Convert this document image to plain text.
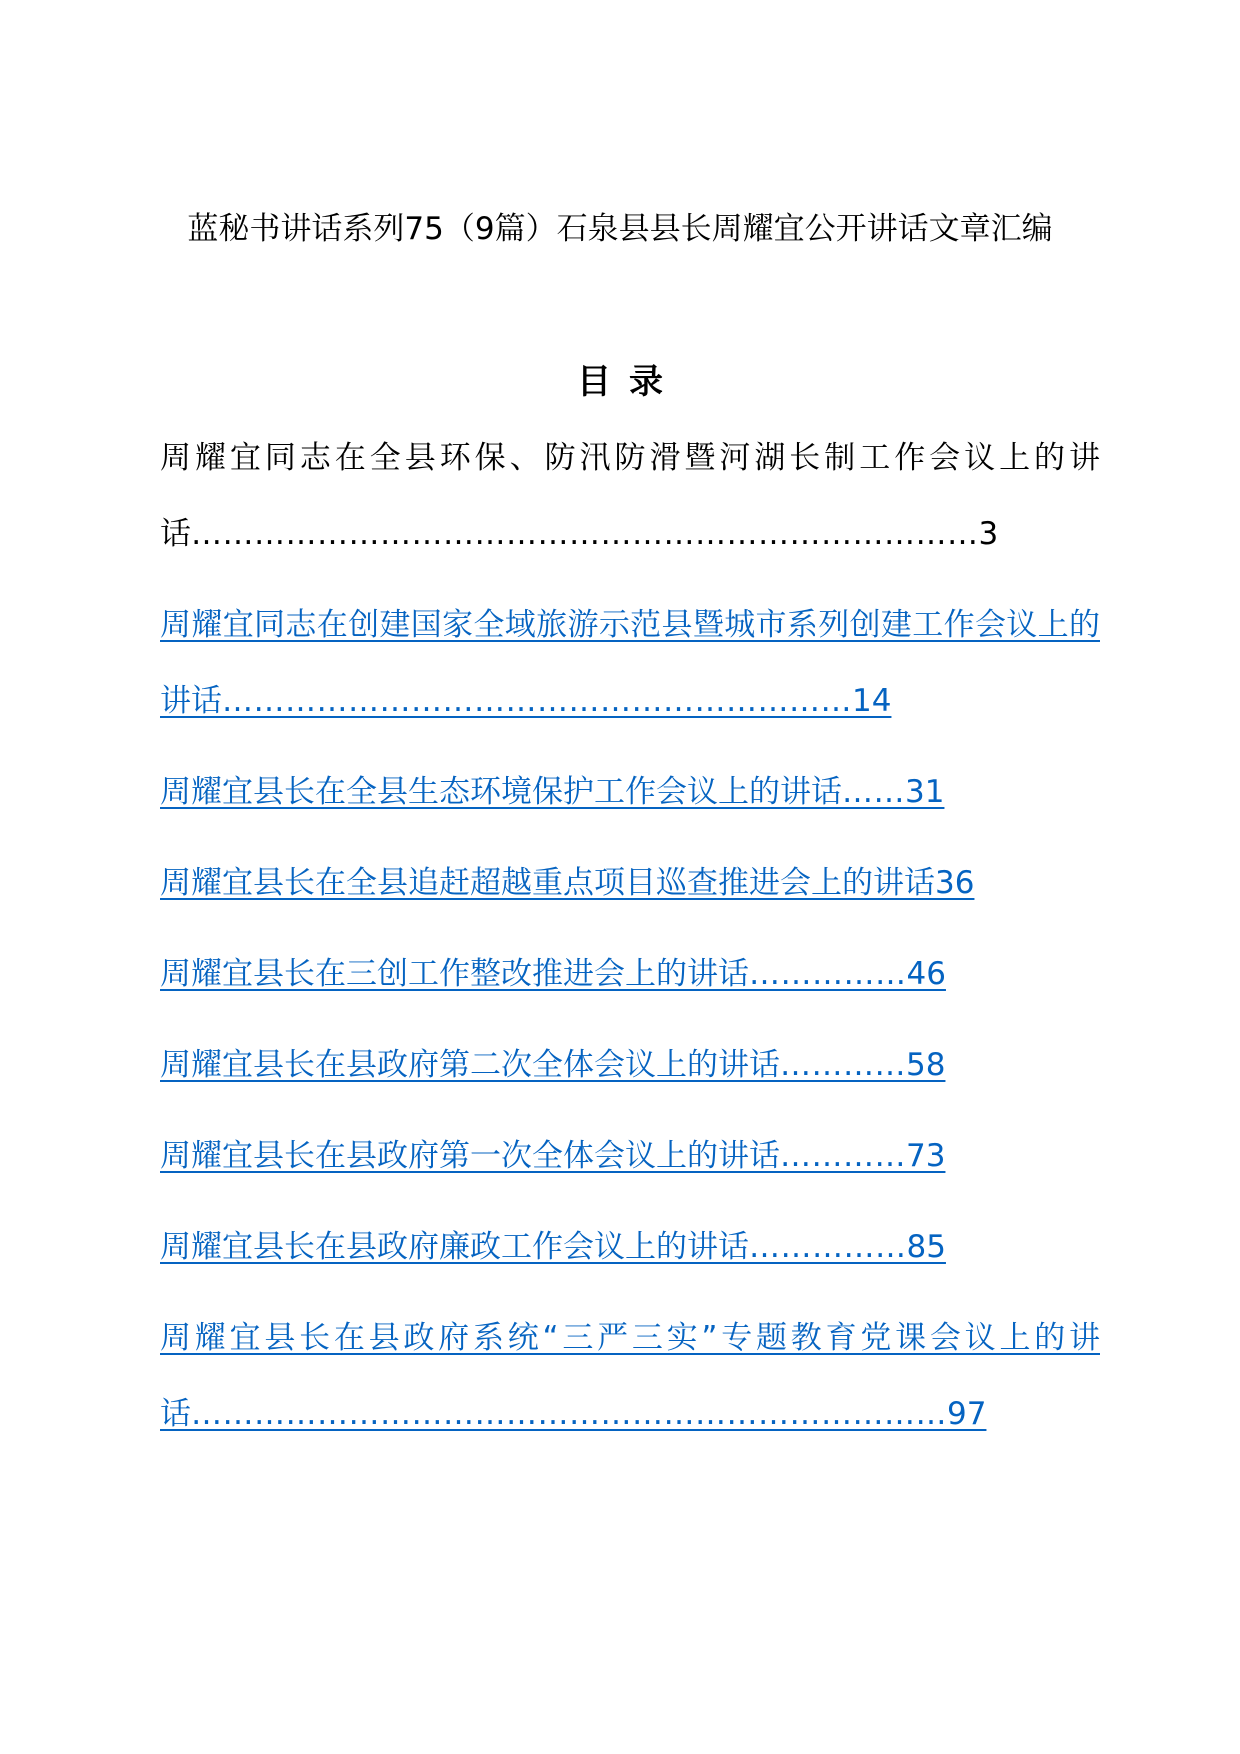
蓝秘书讲话系列75（9篇）石泉县县长周耀宜公开讲话文章汇编
目录
周耀宜同志在全县环保、防汛防滑暨河湖长制工作会议上的讲话…………………………………………………………………3
周耀宜同志在创建国家全域旅游示范县暨城市系列创建工作会议上的讲话……………………………………………………14
周耀宜县长在全县生态环境保护工作会议上的讲话……31
周耀宜县长在全县追赶超越重点项目巡查推进会上的讲话36
周耀宜县长在三创工作整改推进会上的讲话……………46
周耀宜县长在县政府第二次全体会议上的讲话…………58
周耀宜县长在县政府第一次全体会议上的讲话…………73
周耀宜县长在县政府廉政工作会议上的讲话……………85
周耀宜县长在县政府系统“三严三实”专题教育党课会议上的讲话………………………………………………………………97
